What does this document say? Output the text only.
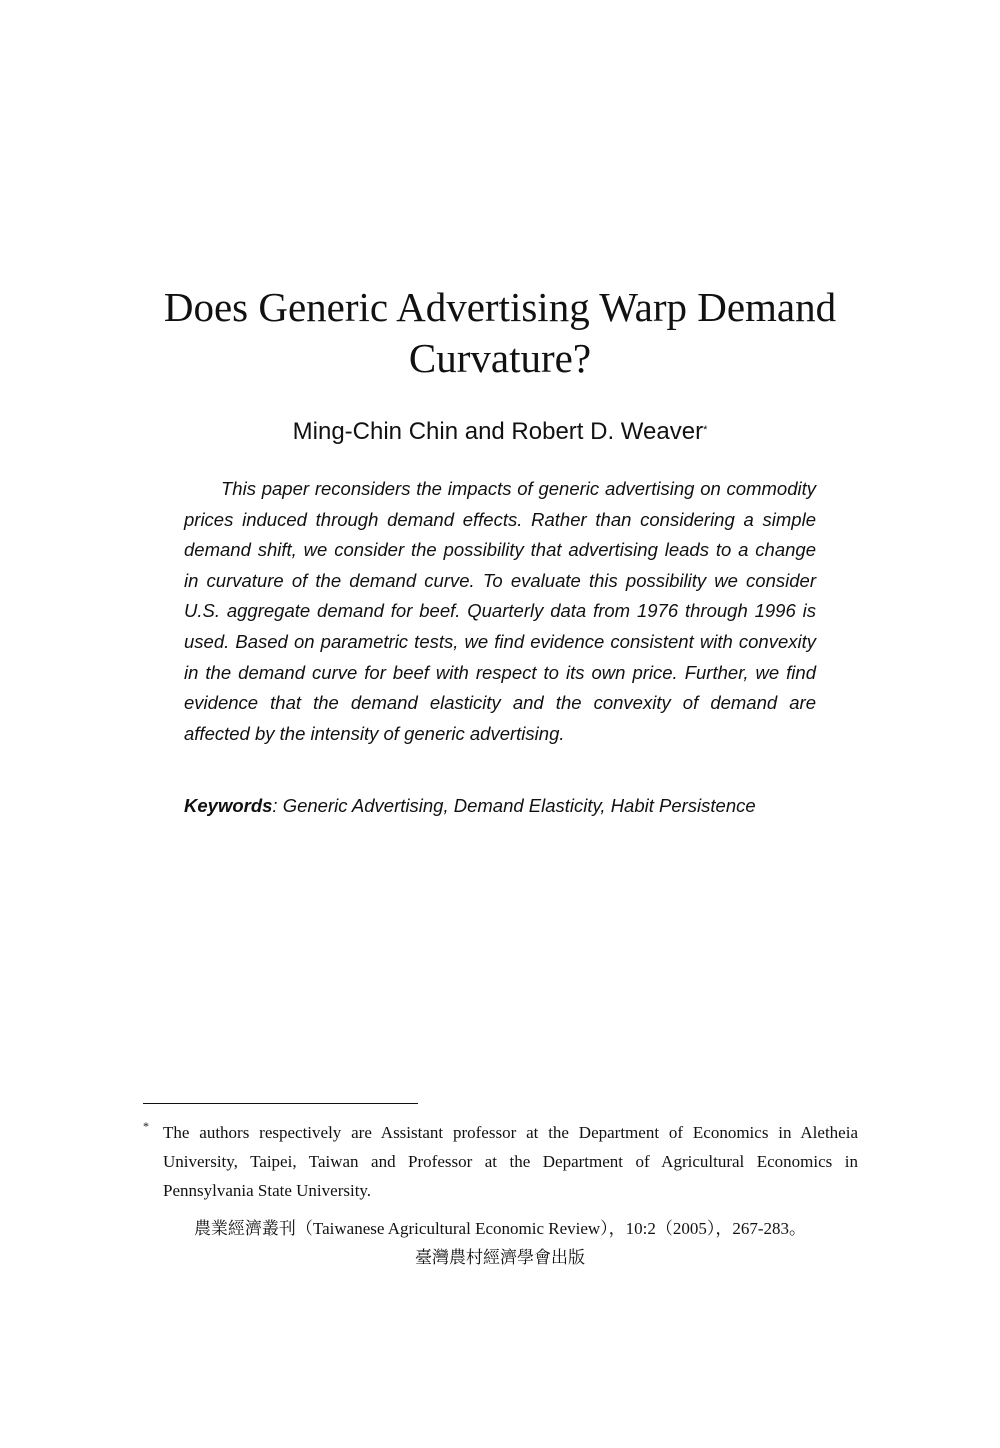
Does Generic Advertising Warp Demand Curvature?
Ming-Chin Chin and Robert D. Weaver*

This paper reconsiders the impacts of generic advertising on commodity prices induced through demand effects. Rather than considering a simple demand shift, we consider the possibility that advertising leads to a change in curvature of the demand curve. To evaluate this possibility we consider U.S. aggregate demand for beef. Quarterly data from 1976 through 1996 is used. Based on parametric tests, we find evidence consistent with convexity in the demand curve for beef with respect to its own price. Further, we find evidence that the demand elasticity and the convexity of demand are affected by the intensity of generic advertising.

Keywords: Generic Advertising, Demand Elasticity, Habit Persistence

* The authors respectively are Assistant professor at the Department of Economics in Aletheia University, Taipei, Taiwan and Professor at the Department of Agricultural Economics in Pennsylvania State University.

農業經濟叢刊（Taiwanese Agricultural Economic Review），10:2（2005），267-283。
臺灣農村經濟學會出版
